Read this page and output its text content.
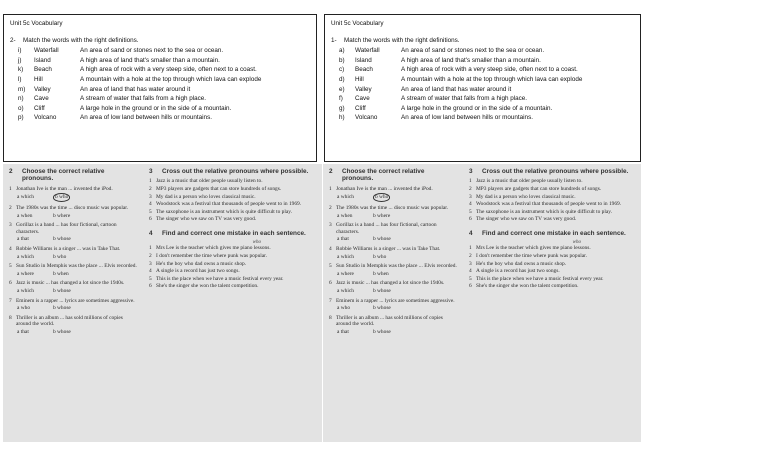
Unit 5c Vocabulary
2- Match the words with the right definitions.
i)	Waterfall	An area of sand or stones next to the sea or ocean.
j)	Island	A high area of land that's smaller than a mountain.
k)	Beach	A high area of rock with a very steep side, often next to a coast.
l)	Hill	A mountain with a hole at the top through which lava can explode
m)	Valley	An area of land that has water around it
n)	Cave	A stream of water that falls from a high place.
o)	Cliff	A large hole in the ground or in the side of a mountain.
p)	Volcano	An area of low land between hills or mountains.
Unit 5c Vocabulary
1- Match the words with the right definitions.
a)	Waterfall	An area of sand or stones next to the sea or ocean.
b)	Island	A high area of land that's smaller than a mountain.
c)	Beach	A high area of rock with a very steep side, often next to a coast.
d)	Hill	A mountain with a hole at the top through which lava can explode
e)	Valley	An area of land that has water around it
f)	Cave	A stream of water that falls from a high place.
g)	Cliff	A large hole in the ground or in the side of a mountain.
h)	Volcano	An area of low land between hills or mountains.
2	Choose the correct relative pronouns.
1 Jonathan Ive is the man ... invented the iPod.
a which	b who
2 The 1980s was the time ... disco music was popular.
a when	b where
3 Gorillaz is a band ... has four fictional, cartoon characters.
a that	b whose
4 Robbie Williams is a singer ... was in Take That.
a which	b who
5 Sun Studio in Memphis was the place ... Elvis recorded.
a where	b when
6 Jazz is music ... has changed a lot since the 1940s.
a which	b whose
7 Eminem is a rapper ... lyrics are sometimes aggressive.
a who	b whose
8 Thriller is an album ... has sold millions of copies around the world.
a that	b whose
3	Cross out the relative pronouns where possible.
1 Jazz is a music that older people usually listen to.
2 MP3 players are gadgets that can store hundreds of songs.
3 My dad is a person who loves classical music.
4 Woodstock was a festival that thousands of people went to in 1969.
5 The saxophone is an instrument which is quite difficult to play.
6 The singer who we saw on TV was very good.
4	Find and correct one mistake in each sentence.
who
1 Mrs Lee is the teacher which gives me piano lessons.
2 I don't remember the time where punk was popular.
3 He's the boy who dad owns a music shop.
4 A single is a record has just two songs.
5 This is the place when we have a music festival every year.
6 She's the singer she won the talent competition.
2	Choose the correct relative pronouns.
1 Jonathan Ive is the man ... invented the iPod.
a which	b who
2 The 1980s was the time ... disco music was popular.
a when	b where
3 Gorillaz is a band ... has four fictional, cartoon characters.
a that	b whose
4 Robbie Williams is a singer ... was in Take That.
a which	b who
5 Sun Studio in Memphis was the place ... Elvis recorded.
a where	b when
6 Jazz is music ... has changed a lot since the 1940s.
a which	b whose
7 Eminem is a rapper ... lyrics are sometimes aggressive.
a who	b whose
8 Thriller is an album ... has sold millions of copies around the world.
a that	b whose
3	Cross out the relative pronouns where possible.
1 Jazz is a music that older people usually listen to.
2 MP3 players are gadgets that can store hundreds of songs.
3 My dad is a person who loves classical music.
4 Woodstock was a festival that thousands of people went to in 1969.
5 The saxophone is an instrument which is quite difficult to play.
6 The singer who we saw on TV was very good.
4	Find and correct one mistake in each sentence.
who
1 Mrs Lee is the teacher which gives me piano lessons.
2 I don't remember the time where punk was popular.
3 He's the boy who dad owns a music shop.
4 A single is a record has just two songs.
5 This is the place when we have a music festival every year.
6 She's the singer she won the talent competition.
